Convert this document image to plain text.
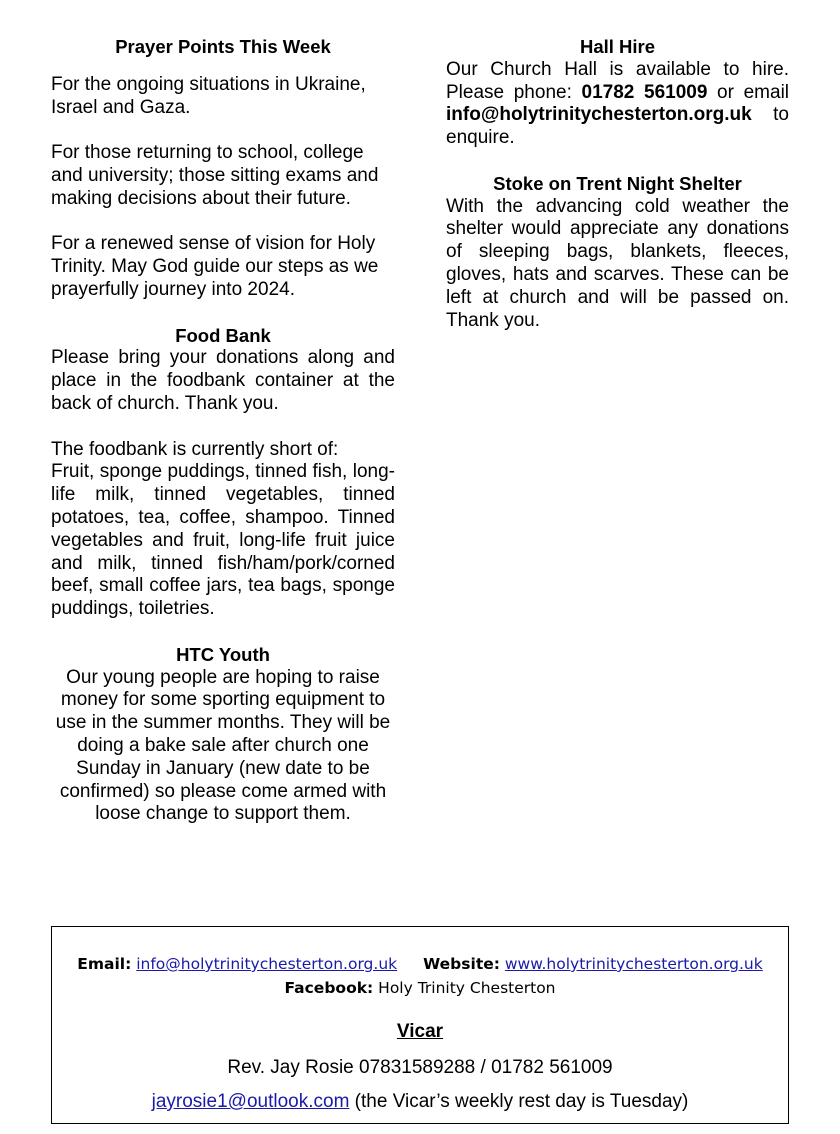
Prayer Points This Week

For the ongoing situations in Ukraine, Israel and Gaza.

For those returning to school, college and university; those sitting exams and making decisions about their future.

For a renewed sense of vision for Holy Trinity. May God guide our steps as we prayerfully journey into 2024.

Food Bank

Please bring your donations along and place in the foodbank container at the back of church. Thank you.

The foodbank is currently short of:

Fruit, sponge puddings, tinned fish, long-life milk, tinned vegetables, tinned potatoes, tea, coffee, shampoo. Tinned vegetables and fruit, long-life fruit juice and milk, tinned fish/ham/pork/corned beef, small coffee jars, tea bags, sponge puddings, toiletries.

HTC Youth

Our young people are hoping to raise money for some sporting equipment to use in the summer months. They will be doing a bake sale after church one Sunday in January (new date to be confirmed) so please come armed with loose change to support them.

Hall Hire

Our Church Hall is available to hire. Please phone: 01782 561009 or email info@holytrinitychesterton.org.uk to enquire.

Stoke on Trent Night Shelter

With the advancing cold weather the shelter would appreciate any donations of sleeping bags, blankets, fleeces, gloves, hats and scarves. These can be left at church and will be passed on. Thank you.

Email: info@holytrinitychesterton.org.uk Website: www.holytrinitychesterton.org.uk
Facebook: Holy Trinity Chesterton
Vicar
Rev. Jay Rosie 07831589288 / 01782 561009
jayrosie1@outlook.com (the Vicar’s weekly rest day is Tuesday)
